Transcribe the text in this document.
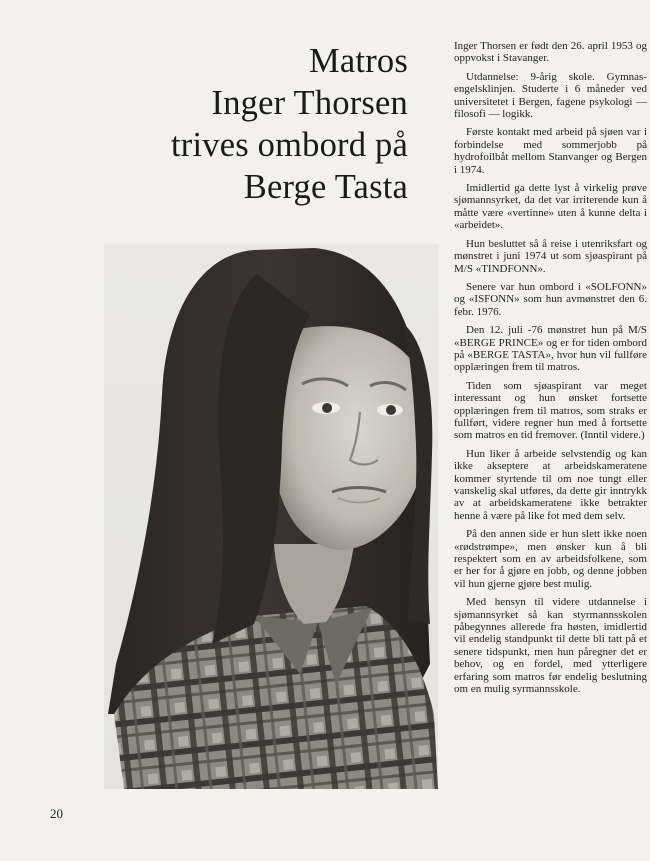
Matros
Inger Thorsen
trives ombord på
Berge Tasta

Inger Thorsen er født den 26. april 1953 og oppvokst i Stavanger.

Utdannelse: 9-årig skole. Gymnas-engelsklinjen. Studerte i 6 måneder ved universitetet i Bergen, fagene psykologi — filosofi — logikk.

Første kontakt med arbeid på sjøen var i forbindelse med sommerjobb på hydrofoilbåt mellom Stanvanger og Bergen i 1974.

Imidlertid ga dette lyst å virkelig prøve sjømannsyrket, da det var irriterende kun å måtte være «vertinne» uten å kunne delta i «arbeidet».

Hun besluttet så å reise i utenriksfart og mønstret i juni 1974 ut som sjøaspirant på M/S «TINDFONN».

Senere var hun ombord i «SOLFONN» og «ISFONN» som hun avmønstret den 6. febr. 1976.

Den 12. juli -76 mønstret hun på M/S «BERGE PRINCE» og er for tiden ombord på «BERGE TASTA», hvor hun vil fullføre opplæringen frem til matros.

Tiden som sjøaspirant var meget interessant og hun ønsket fortsette opplæringen frem til matros, som straks er fullført, videre regner hun med å fortsette som matros en tid fremover. (Inntil videre.)

Hun liker å arbeide selvstendig og kan ikke akseptere at arbeidskameratene kommer styrtende til om noe tungt eller vanskelig skal utføres, da dette gir inntrykk av at arbeidskameratene ikke betrakter henne å være på like fot med dem selv.

På den annen side er hun slett ikke noen «rødstrømpe», men ønsker kun å bli respektert som en av arbeidsfolkene, som er her for å gjøre en jobb, og denne jobben vil hun gjerne gjøre best mulig.

Med hensyn til videre utdannelse i sjømannsyrket så kan styrmannsskolen påbegynnes allerede fra høsten, imidlertid vil endelig standpunkt til dette bli tatt på et senere tidspunkt, men hun påregner det er behov, og en fordel, med ytterligere erfaring som matros før endelig beslutning om en mulig syrmannsskole.

20
